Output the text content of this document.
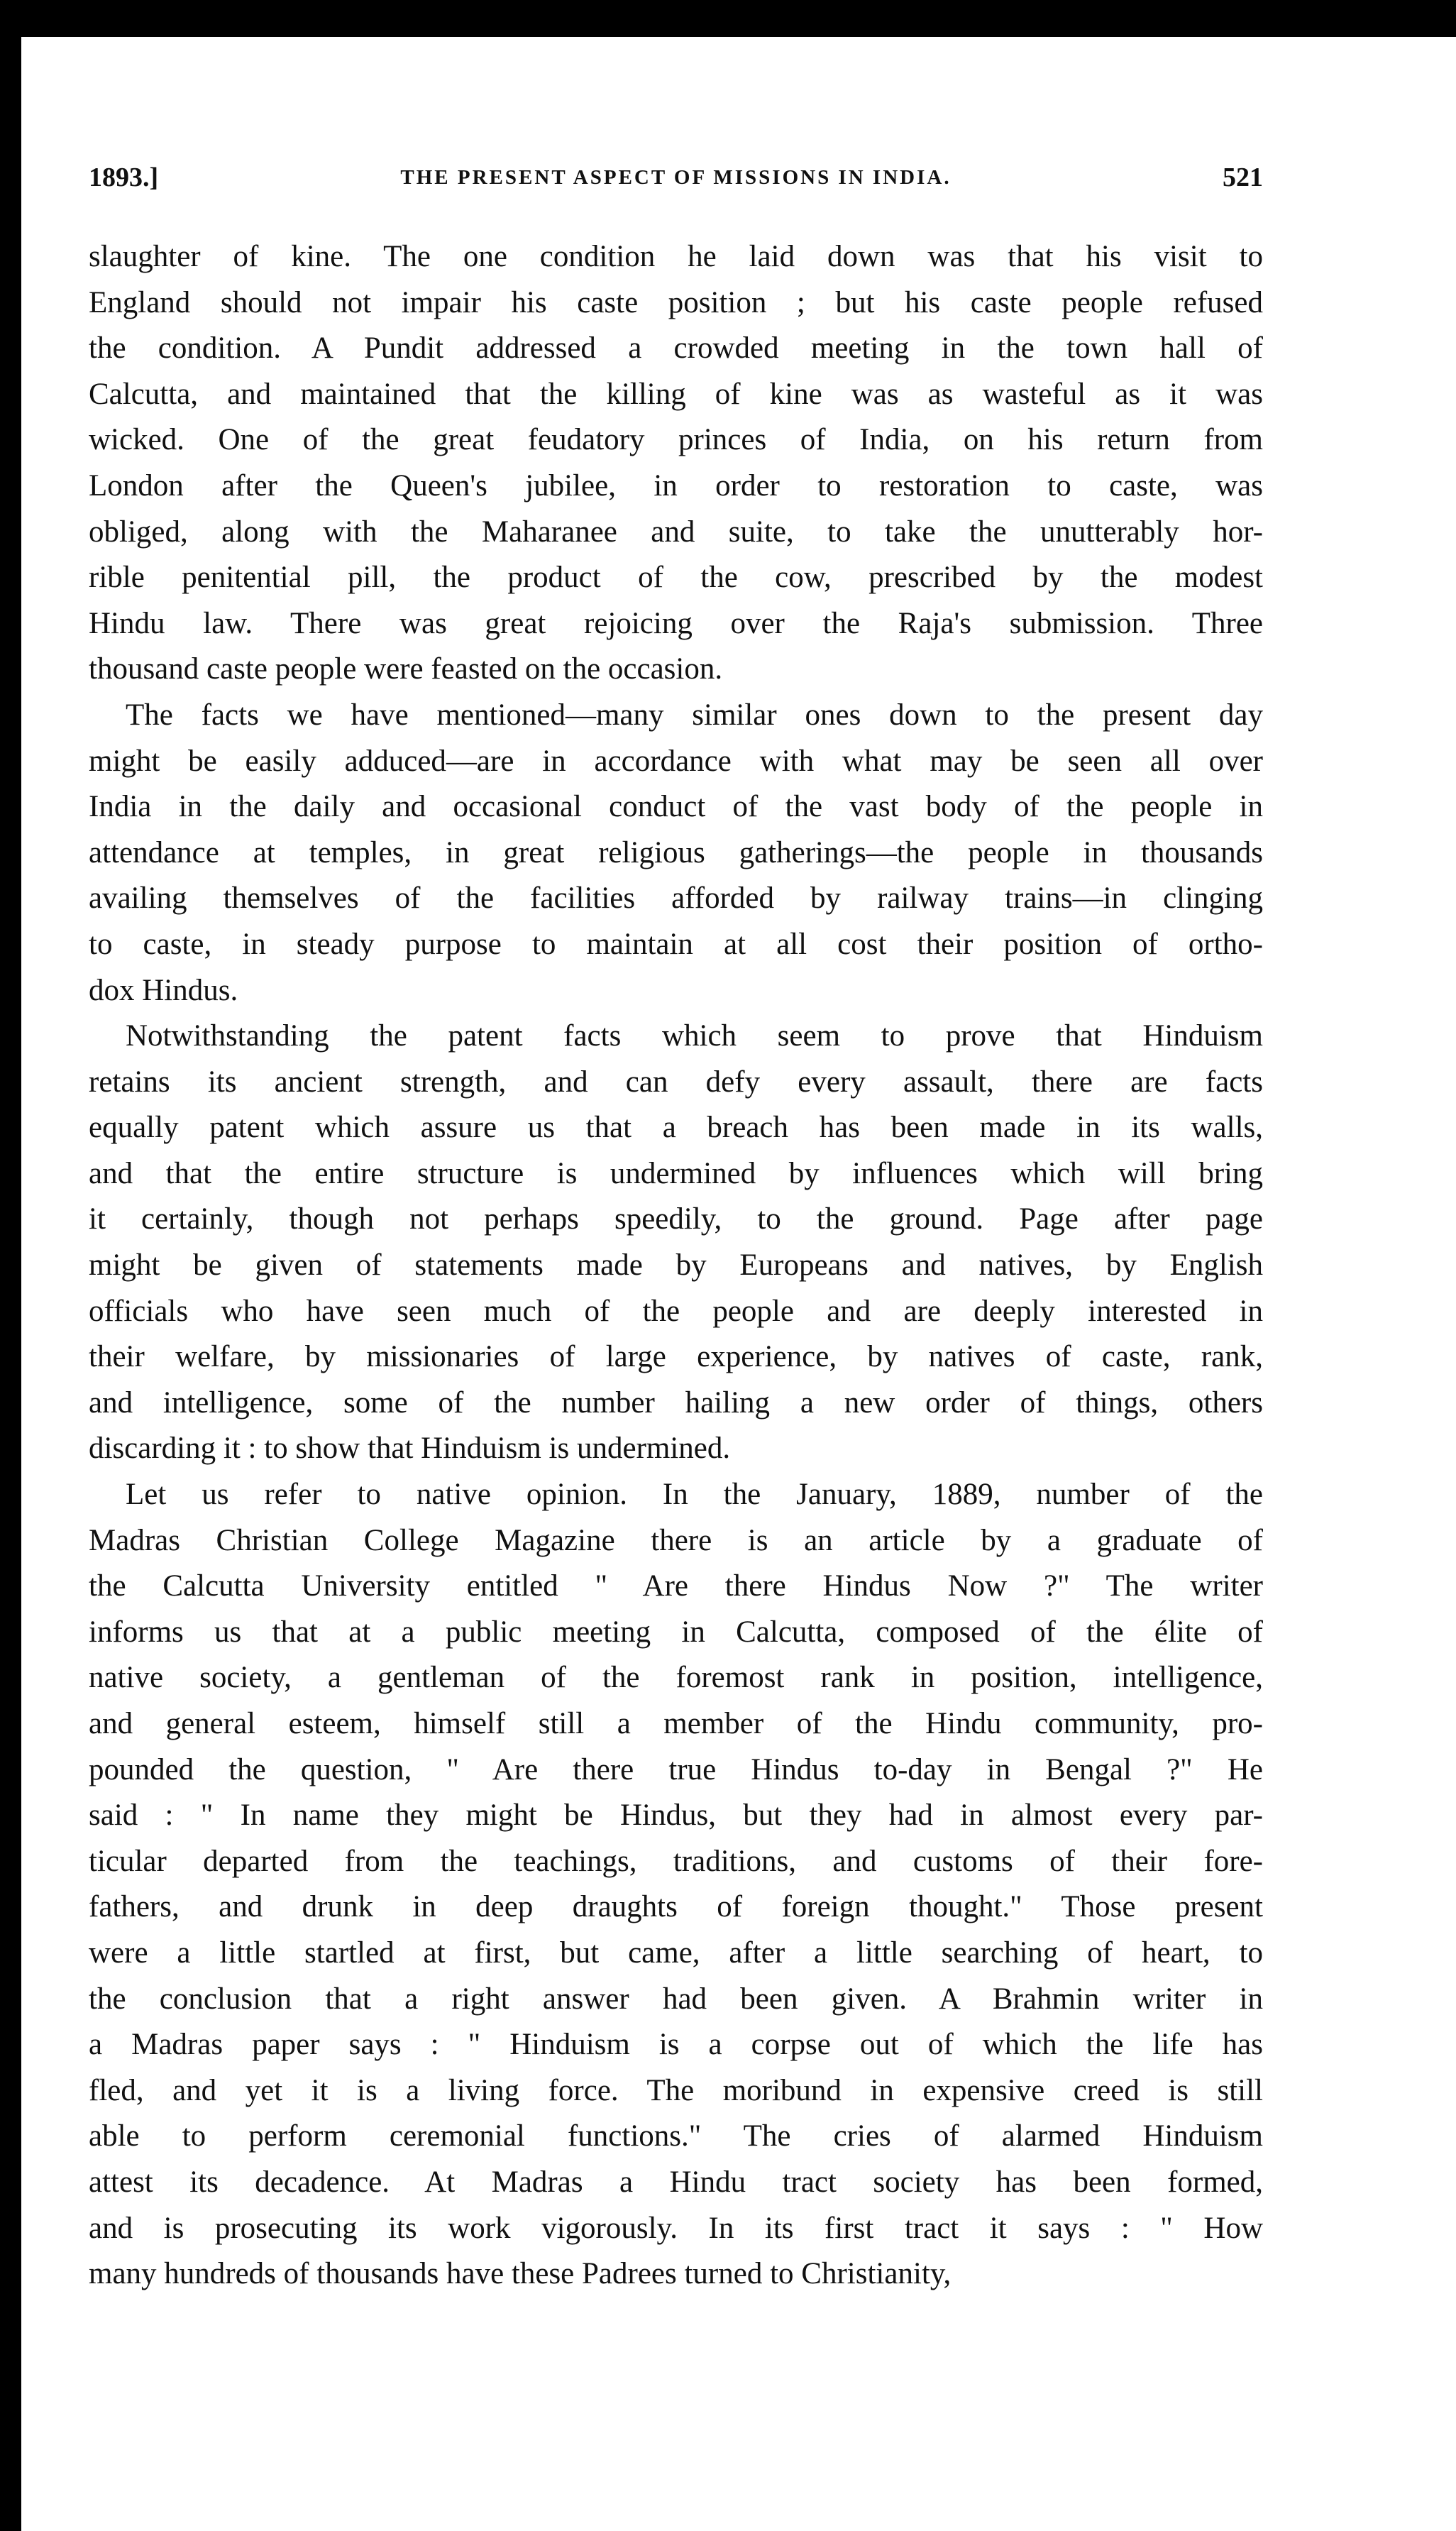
1893.]	THE PRESENT ASPECT OF MISSIONS IN INDIA.	521

slaughter of kine. The one condition he laid down was that his visit to
England should not impair his caste position ; but his caste people refused
the condition. A Pundit addressed a crowded meeting in the town hall of
Calcutta, and maintained that the killing of kine was as wasteful as it was
wicked. One of the great feudatory princes of India, on his return from
London after the Queen's jubilee, in order to restoration to caste, was
obliged, along with the Maharanee and suite, to take the unutterably hor-
rible penitential pill, the product of the cow, prescribed by the modest
Hindu law. There was great rejoicing over the Raja's submission. Three
thousand caste people were feasted on the occasion.

The facts we have mentioned—many similar ones down to the present day
might be easily adduced—are in accordance with what may be seen all over
India in the daily and occasional conduct of the vast body of the people in
attendance at temples, in great religious gatherings—the people in thousands
availing themselves of the facilities afforded by railway trains—in clinging
to caste, in steady purpose to maintain at all cost their position of ortho-
dox Hindus.

Notwithstanding the patent facts which seem to prove that Hinduism
retains its ancient strength, and can defy every assault, there are facts
equally patent which assure us that a breach has been made in its walls,
and that the entire structure is undermined by influences which will bring
it certainly, though not perhaps speedily, to the ground. Page after page
might be given of statements made by Europeans and natives, by English
officials who have seen much of the people and are deeply interested in
their welfare, by missionaries of large experience, by natives of caste, rank,
and intelligence, some of the number hailing a new order of things, others
discarding it : to show that Hinduism is undermined.

Let us refer to native opinion. In the January, 1889, number of the
Madras Christian College Magazine there is an article by a graduate of
the Calcutta University entitled " Are there Hindus Now ?" The writer
informs us that at a public meeting in Calcutta, composed of the élite of
native society, a gentleman of the foremost rank in position, intelligence,
and general esteem, himself still a member of the Hindu community, pro-
pounded the question, " Are there true Hindus to-day in Bengal ?" He
said : " In name they might be Hindus, but they had in almost every par-
ticular departed from the teachings, traditions, and customs of their fore-
fathers, and drunk in deep draughts of foreign thought." Those present
were a little startled at first, but came, after a little searching of heart, to
the conclusion that a right answer had been given. A Brahmin writer in
a Madras paper says : " Hinduism is a corpse out of which the life has
fled, and yet it is a living force. The moribund in expensive creed is still
able to perform ceremonial functions." The cries of alarmed Hinduism
attest its decadence. At Madras a Hindu tract society has been formed,
and is prosecuting its work vigorously. In its first tract it says : " How
many hundreds of thousands have these Padrees turned to Christianity,
